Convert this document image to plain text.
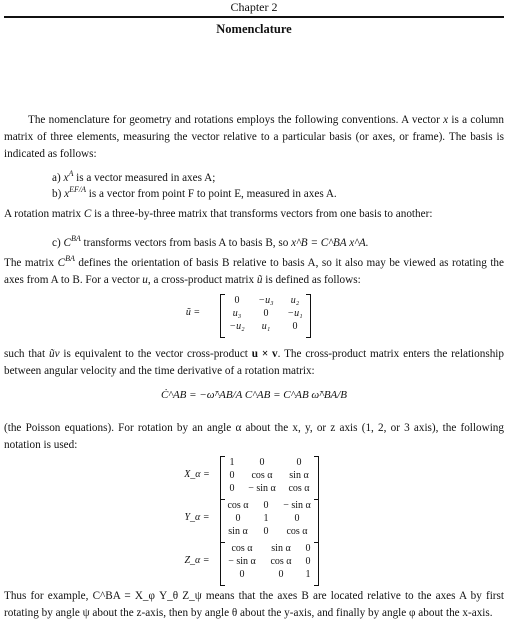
Chapter 2
Nomenclature
The nomenclature for geometry and rotations employs the following conventions. A vector x is a column matrix of three elements, measuring the vector relative to a particular basis (or axes, or frame). The basis is indicated as follows:
a) $x^A$ is a vector measured in axes A;
b) $x^{EF/A}$ is a vector from point F to point E, measured in axes A.
A rotation matrix C is a three-by-three matrix that transforms vectors from one basis to another:
c) $C^{BA}$ transforms vectors from basis A to basis B, so x^B = C^BA x^A.
The matrix $C^{BA}$ defines the orientation of basis B relative to basis A, so it also may be viewed as rotating the axes from A to B. For a vector u, a cross-product matrix ũ is defined as follows:
ũ =
0	−u₃	u₂
u₃	0	−u₁
−u₂	u₁	0
such that ũv is equivalent to the vector cross-product u × v. The cross-product matrix enters the relationship between angular velocity and the time derivative of a rotation matrix:
Ċ^AB = −ω̃^AB/A C^AB = C^AB ω̃^BA/B
(the Poisson equations). For rotation by an angle α about the x, y, or z axis (1, 2, or 3 axis), the following notation is used:
X_α =
1	0	0
0	cos α	sin α
0	− sin α	cos α
Y_α =
cos α	0	− sin α
0	1	0
sin α	0	cos α
Z_α =
cos α	sin α	0
− sin α	cos α	0
0	0	1
Thus for example, C^BA = X_φ Y_θ Z_ψ means that the axes B are located relative to the axes A by first rotating by angle ψ about the z-axis, then by angle θ about the y-axis, and finally by angle φ about the x-axis.
